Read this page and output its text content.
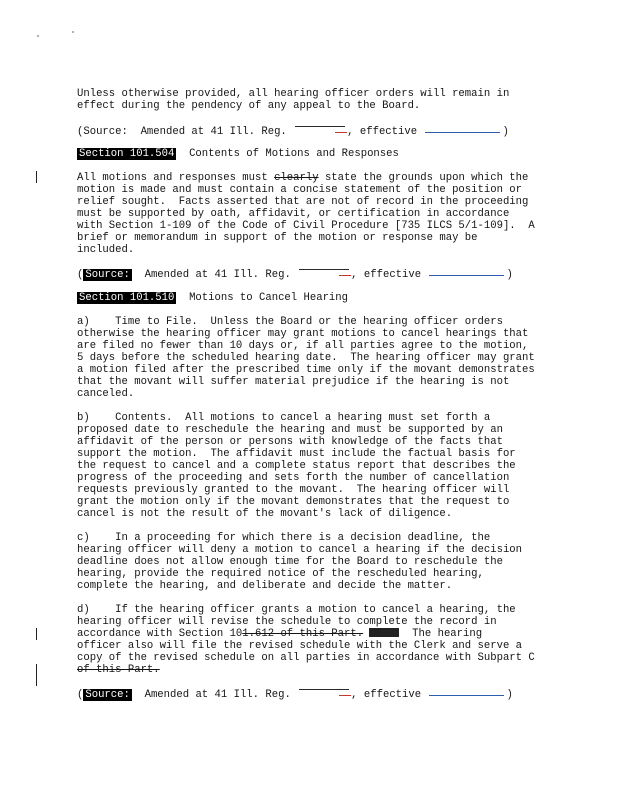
Unless otherwise provided, all hearing officer orders will remain in
effect during the pendency of any appeal to the Board.
(Source:  Amended at 41 Ill. Reg.	, effective	)
Section 101.504  Contents of Motions and Responses
All motions and responses must clearly state the grounds upon which the
motion is made and must contain a concise statement of the position or
relief sought.  Facts asserted that are not of record in the proceeding
must be supported by oath, affidavit, or certification in accordance
with Section 1-109 of the Code of Civil Procedure [735 ILCS 5/1-109].  A
brief or memorandum in support of the motion or response may be
included.
( Source:  Amended at 41 Ill. Reg.	, effective	)
Section 101.510  Motions to Cancel Hearing
a)    Time to File.  Unless the Board or the hearing officer orders
otherwise the hearing officer may grant motions to cancel hearings that
are filed no fewer than 10 days or, if all parties agree to the motion,
5 days before the scheduled hearing date.  The hearing officer may grant
a motion filed after the prescribed time only if the movant demonstrates
that the movant will suffer material prejudice if the hearing is not
canceled.
b)    Contents.  All motions to cancel a hearing must set forth a
proposed date to reschedule the hearing and must be supported by an
affidavit of the person or persons with knowledge of the facts that
support the motion.  The affidavit must include the factual basis for
the request to cancel and a complete status report that describes the
progress of the proceeding and sets forth the number of cancellation
requests previously granted to the movant.  The hearing officer will
grant the motion only if the movant demonstrates that the request to
cancel is not the result of the movant's lack of diligence.
c)    In a proceeding for which there is a decision deadline, the
hearing officer will deny a motion to cancel a hearing if the decision
deadline does not allow enough time for the Board to reschedule the
hearing, provide the required notice of the rescheduled hearing,
complete the hearing, and deliberate and decide the matter.
d)    If the hearing officer grants a motion to cancel a hearing, the
hearing officer will revise the schedule to complete the record in
accordance with Section 101.612 of this Part.	The hearing
officer also will file the revised schedule with the Clerk and serve a
copy of the revised schedule on all parties in accordance with Subpart C
of this Part.
( Source:  Amended at 41 Ill. Reg.	, effective	)
